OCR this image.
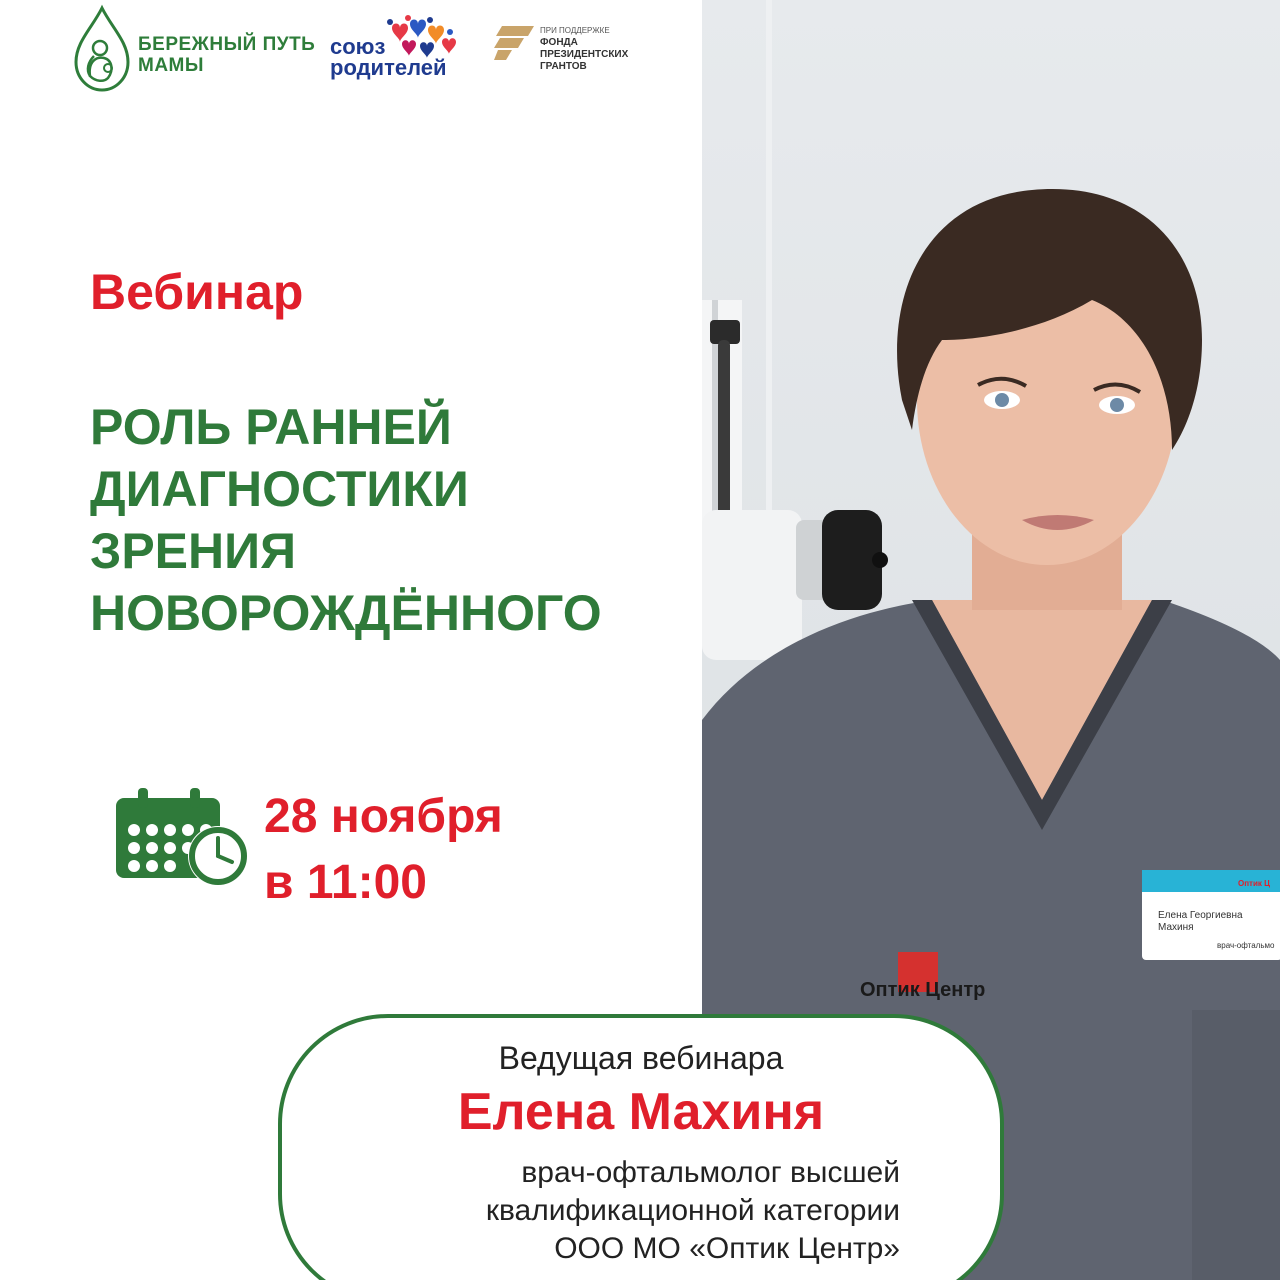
БЕРЕЖНЫЙ ПУТЬ
МАМЫ
союз
родителей
ПРИ ПОДДЕРЖКЕ
ФОНДА
ПРЕЗИДЕНТСКИХ
ГРАНТОВ
Елена Георгиевна
Махиня
врач-офтальмо
Оптик Ц
Оптик Центр
Вебинар
РОЛЬ РАННЕЙ
ДИАГНОСТИКИ
ЗРЕНИЯ
НОВОРОЖДЁННОГО
28 ноября
в 11:00
Ведущая вебинара
Елена Махиня
врач-офтальмолог высшей
квалификационной категории
ООО МО «Оптик Центр»
